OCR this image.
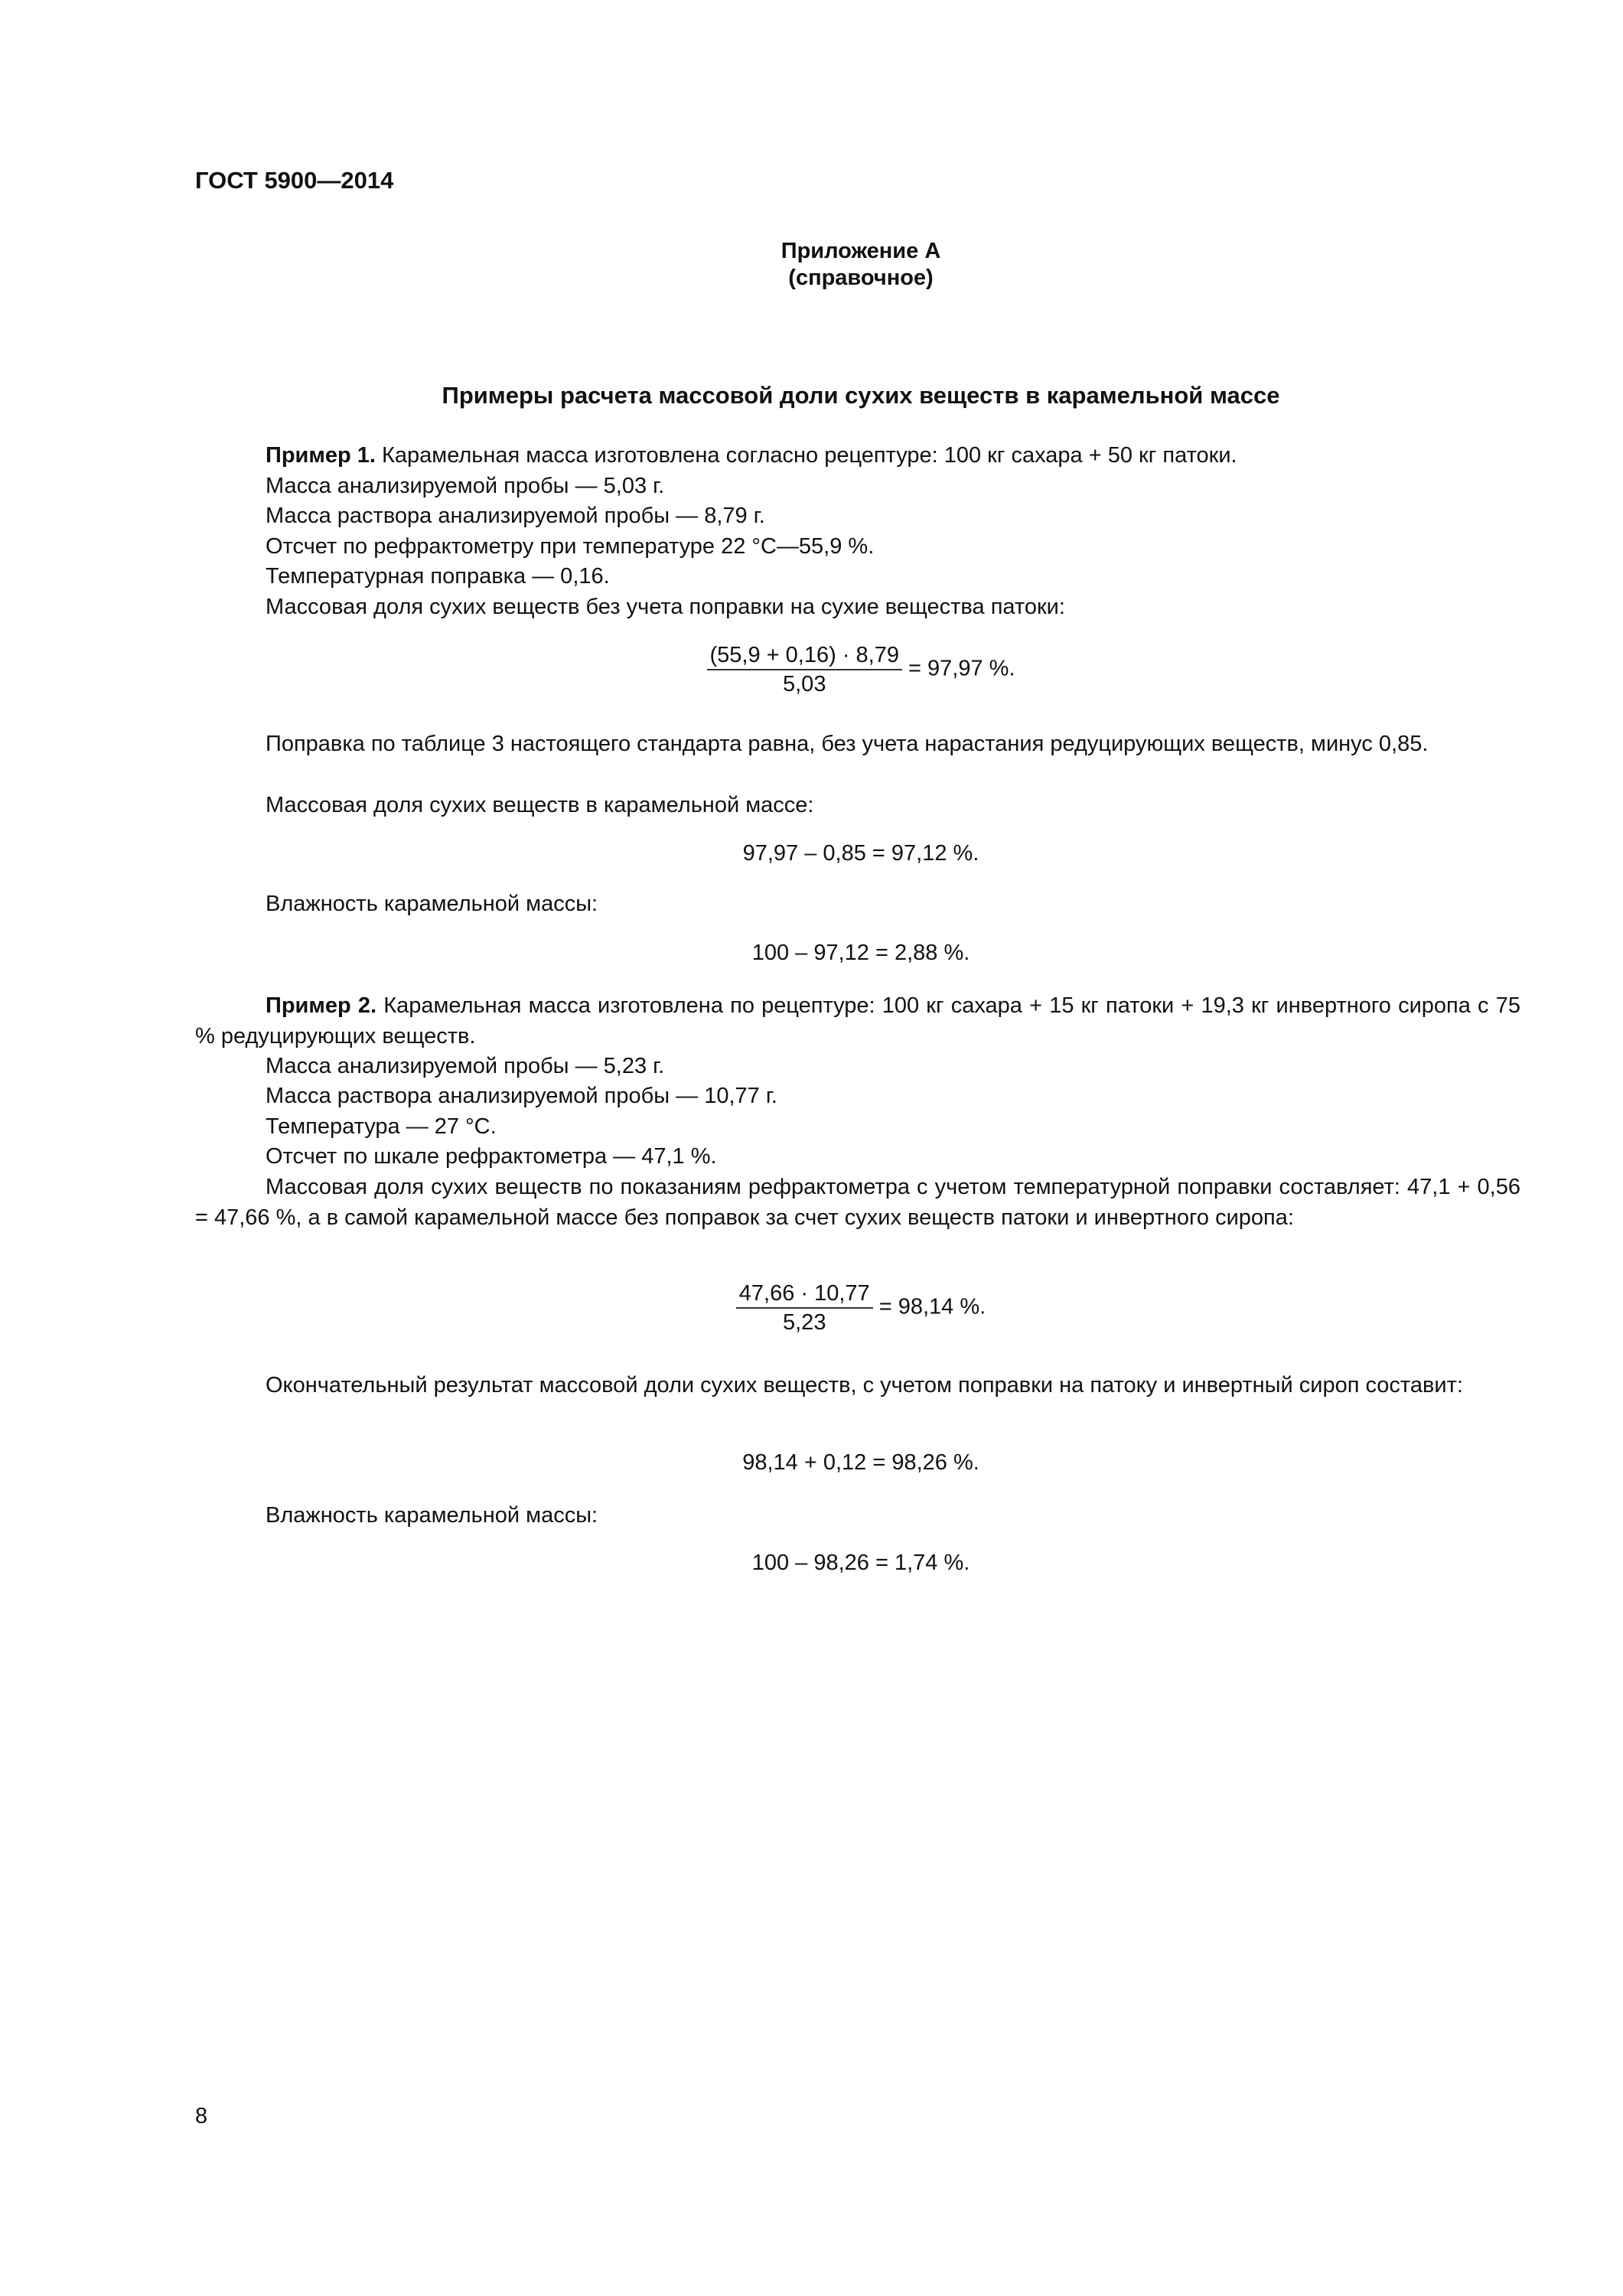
ГОСТ 5900—2014
Приложение А
(справочное)
Примеры расчета массовой доли сухих веществ в карамельной массе
Пример 1. Карамельная масса изготовлена согласно рецептуре: 100 кг сахара + 50 кг патоки.
Масса анализируемой пробы — 5,03 г.
Масса раствора анализируемой пробы — 8,79 г.
Отсчет по рефрактометру при температуре 22 °С—55,9 %.
Температурная поправка — 0,16.
Массовая доля сухих веществ без учета поправки на сухие вещества патоки:
$\frac{(55,9 + 0,16) \cdot 8,79}{5,03} = 97,97$ %.
Поправка по таблице 3 настоящего стандарта равна, без учета нарастания редуцирующих веществ, минус 0,85.
Массовая доля сухих веществ в карамельной массе:
97,97 – 0,85 = 97,12 %.
Влажность карамельной массы:
100 – 97,12 = 2,88 %.
Пример 2. Карамельная масса изготовлена по рецептуре: 100 кг сахара + 15 кг патоки + 19,3 кг инвертного сиропа с 75 % редуцирующих веществ.
Масса анализируемой пробы — 5,23 г.
Масса раствора анализируемой пробы — 10,77 г.
Температура — 27 °С.
Отсчет по шкале рефрактометра — 47,1 %.
Массовая доля сухих веществ по показаниям рефрактометра с учетом температурной поправки составляет: 47,1 + 0,56 = 47,66 %, а в самой карамельной массе без поправок за счет сухих веществ патоки и инвертного сиропа:
$\frac{47,66 \cdot 10,77}{5,23} = 98,14$ %.
Окончательный результат массовой доли сухих веществ, с учетом поправки на патоку и инвертный сироп составит:
98,14 + 0,12 = 98,26 %.
Влажность карамельной массы:
100 – 98,26 = 1,74 %.
8
